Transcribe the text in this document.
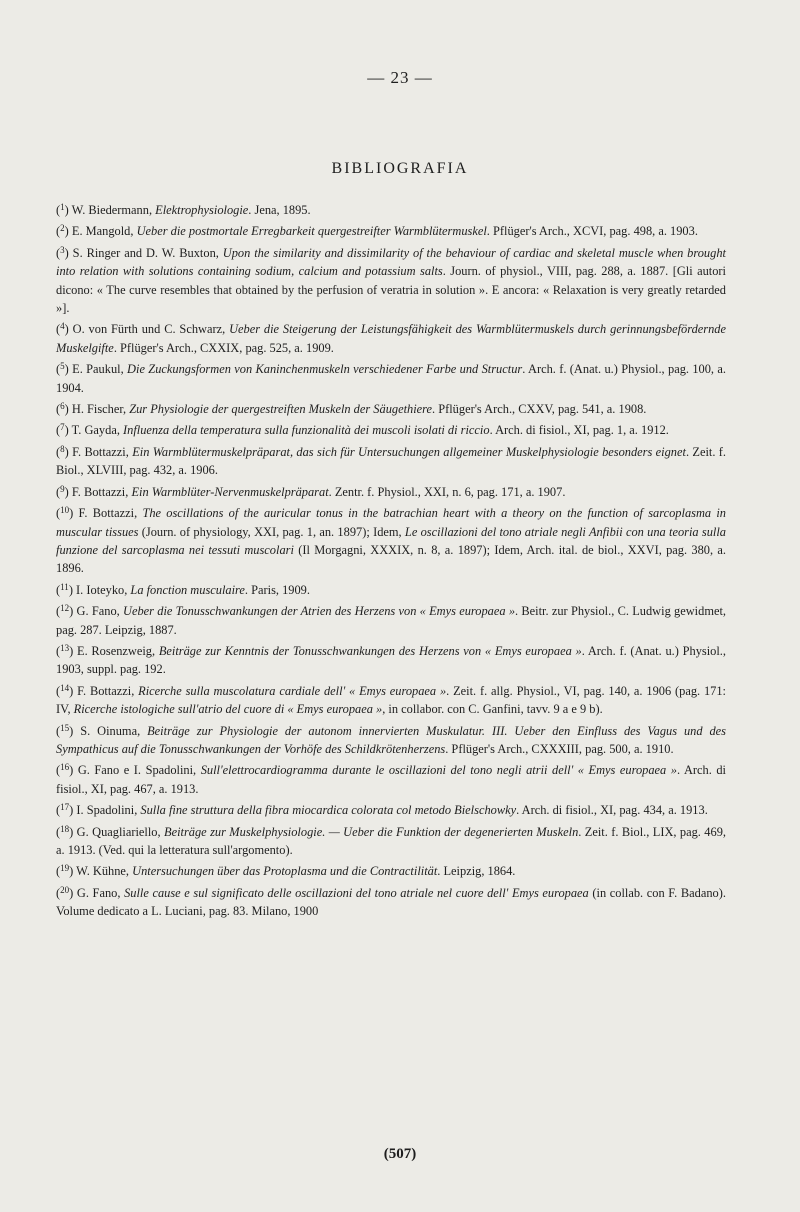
— 23 —
BIBLIOGRAFIA
($^1$) W. Biedermann, Elektrophysiologie. Jena, 1895.
($^2$) E. Mangold, Ueber die postmortale Erregbarkeit quergestreifter Warmblütermuskel. Pflüger's Arch., XCVI, pag. 498, a. 1903.
($^3$) S. Ringer and D. W. Buxton, Upon the similarity and dissimilarity of the behaviour of cardiac and skeletal muscle when brought into relation with solutions containing sodium, calcium and potassium salts. Journ. of physiol., VIII, pag. 288, a. 1887. [Gli autori dicono: « The curve resembles that obtained by the perfusion of veratria in solution ». E ancora: « Relaxation is very greatly retarded »].
($^4$) O. von Fürth und C. Schwarz, Ueber die Steigerung der Leistungsfähigkeit des Warmblütermuskels durch gerinnungsbefördernde Muskelgifte. Pflüger's Arch., CXXIX, pag. 525, a. 1909.
($^5$) E. Paukul, Die Zuckungsformen von Kaninchenmuskeln verschiedener Farbe und Structur. Arch. f. (Anat. u.) Physiol., pag. 100, a. 1904.
($^6$) H. Fischer, Zur Physiologie der quergestreiften Muskeln der Säugethiere. Pflüger's Arch., CXXV, pag. 541, a. 1908.
($^7$) T. Gayda, Influenza della temperatura sulla funzionalità dei muscoli isolati di riccio. Arch. di fisiol., XI, pag. 1, a. 1912.
($^8$) F. Bottazzi, Ein Warmblütermuskelpräparat, das sich für Untersuchungen allgemeiner Muskelphysiologie besonders eignet. Zeit. f. Biol., XLVIII, pag. 432, a. 1906.
($^9$) F. Bottazzi, Ein Warmblüter-Nervenmuskelpräparat. Zentr. f. Physiol., XXI, n. 6, pag. 171, a. 1907.
($^{10}$) F. Bottazzi, The oscillations of the auricular tonus in the batrachian heart with a theory on the function of sarcoplasma in muscular tissues (Journ. of physiology, XXI, pag. 1, an. 1897); Idem, Le oscillazioni del tono atriale negli Anfibii con una teoria sulla funzione del sarcoplasma nei tessuti muscolari (Il Morgagni, XXXIX, n. 8, a. 1897); Idem, Arch. ital. de biol., XXVI, pag. 380, a. 1896.
($^{11}$) I. Ioteyko, La fonction musculaire. Paris, 1909.
($^{12}$) G. Fano, Ueber die Tonusschwankungen der Atrien des Herzens von « Emys europaea ». Beitr. zur Physiol., C. Ludwig gewidmet, pag. 287. Leipzig, 1887.
($^{13}$) E. Rosenzweig, Beiträge zur Kenntnis der Tonusschwankungen des Herzens von « Emys europaea ». Arch. f. (Anat. u.) Physiol., 1903, suppl. pag. 192.
($^{14}$) F. Bottazzi, Ricerche sulla muscolatura cardiale dell' « Emys europaea ». Zeit. f. allg. Physiol., VI, pag. 140, a. 1906 (pag. 171: IV, Ricerche istologiche sull'atrio del cuore di « Emys europaea », in collabor. con C. Ganfini, tavv. 9 a e 9 b).
($^{15}$) S. Oinuma, Beiträge zur Physiologie der autonom innervierten Muskulatur. III. Ueber den Einfluss des Vagus und des Sympathicus auf die Tonusschwankungen der Vorhöfe des Schildkrötenherzens. Pflüger's Arch., CXXXIII, pag. 500, a. 1910.
($^{16}$) G. Fano e I. Spadolini, Sull'elettrocardiogramma durante le oscillazioni del tono negli atrii dell' « Emys europaea ». Arch. di fisiol., XI, pag. 467, a. 1913.
($^{17}$) I. Spadolini, Sulla fine struttura della fibra miocardica colorata col metodo Bielschowky. Arch. di fisiol., XI, pag. 434, a. 1913.
($^{18}$) G. Quagliariello, Beiträge zur Muskelphysiologie. — Ueber die Funktion der degenerierten Muskeln. Zeit. f. Biol., LIX, pag. 469, a. 1913. (Ved. qui la letteratura sull'argomento).
($^{19}$) W. Kühne, Untersuchungen über das Protoplasma und die Contractilität. Leipzig, 1864.
($^{20}$) G. Fano, Sulle cause e sul significato delle oscillazioni del tono atriale nel cuore dell' Emys europaea (in collab. con F. Badano). Volume dedicato a L. Luciani, pag. 83. Milano, 1900
(507)
